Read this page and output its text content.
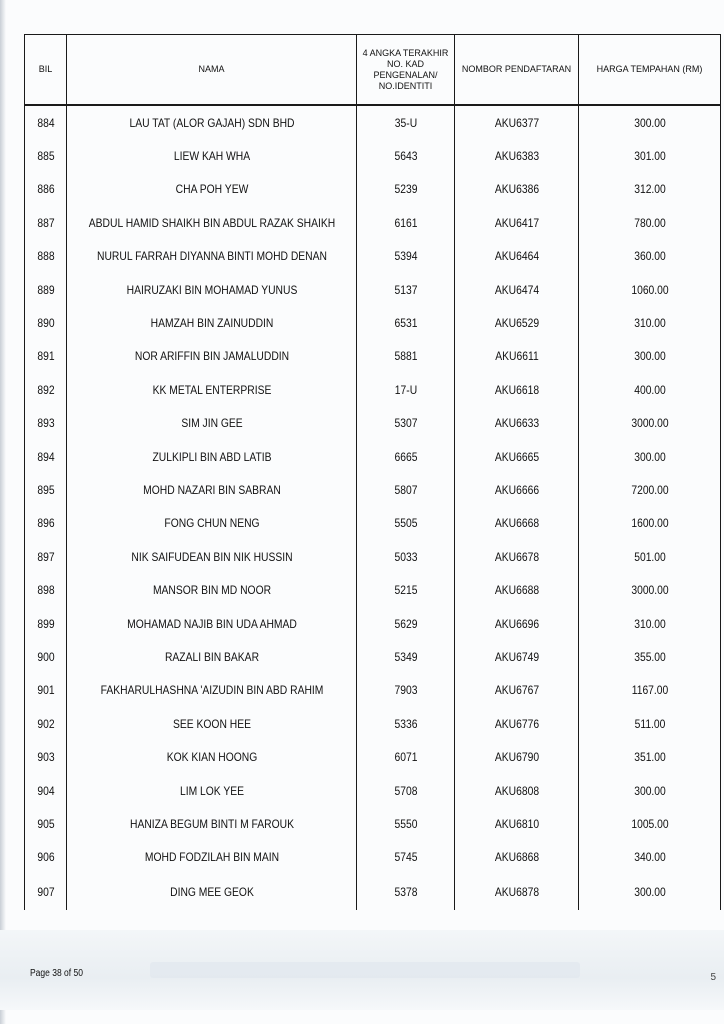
BIL	NAMA	4 ANGKA TERAKHIR NO. KAD PENGENALAN/ NO.IDENTITI	NOMBOR PENDAFTARAN	HARGA TEMPAHAN (RM)
884	LAU TAT (ALOR GAJAH) SDN BHD	35-U	AKU6377	300.00
885	LIEW KAH WHA	5643	AKU6383	301.00
886	CHA POH YEW	5239	AKU6386	312.00
887	ABDUL HAMID SHAIKH BIN ABDUL RAZAK SHAIKH	6161	AKU6417	780.00
888	NURUL FARRAH DIYANNA BINTI MOHD DENAN	5394	AKU6464	360.00
889	HAIRUZAKI BIN MOHAMAD YUNUS	5137	AKU6474	1060.00
890	HAMZAH BIN ZAINUDDIN	6531	AKU6529	310.00
891	NOR ARIFFIN BIN JAMALUDDIN	5881	AKU6611	300.00
892	KK METAL ENTERPRISE	17-U	AKU6618	400.00
893	SIM JIN GEE	5307	AKU6633	3000.00
894	ZULKIPLI BIN ABD LATIB	6665	AKU6665	300.00
895	MOHD NAZARI BIN SABRAN	5807	AKU6666	7200.00
896	FONG CHUN NENG	5505	AKU6668	1600.00
897	NIK SAIFUDEAN BIN NIK HUSSIN	5033	AKU6678	501.00
898	MANSOR BIN MD NOOR	5215	AKU6688	3000.00
899	MOHAMAD NAJIB BIN UDA AHMAD	5629	AKU6696	310.00
900	RAZALI BIN BAKAR	5349	AKU6749	355.00
901	FAKHARULHASHNA 'AIZUDIN BIN ABD RAHIM	7903	AKU6767	1167.00
902	SEE KOON HEE	5336	AKU6776	511.00
903	KOK KIAN HOONG	6071	AKU6790	351.00
904	LIM LOK YEE	5708	AKU6808	300.00
905	HANIZA BEGUM BINTI M FAROUK	5550	AKU6810	1005.00
906	MOHD FODZILAH BIN MAIN	5745	AKU6868	340.00
907	DING MEE GEOK	5378	AKU6878	300.00
Page 38 of 50	5
